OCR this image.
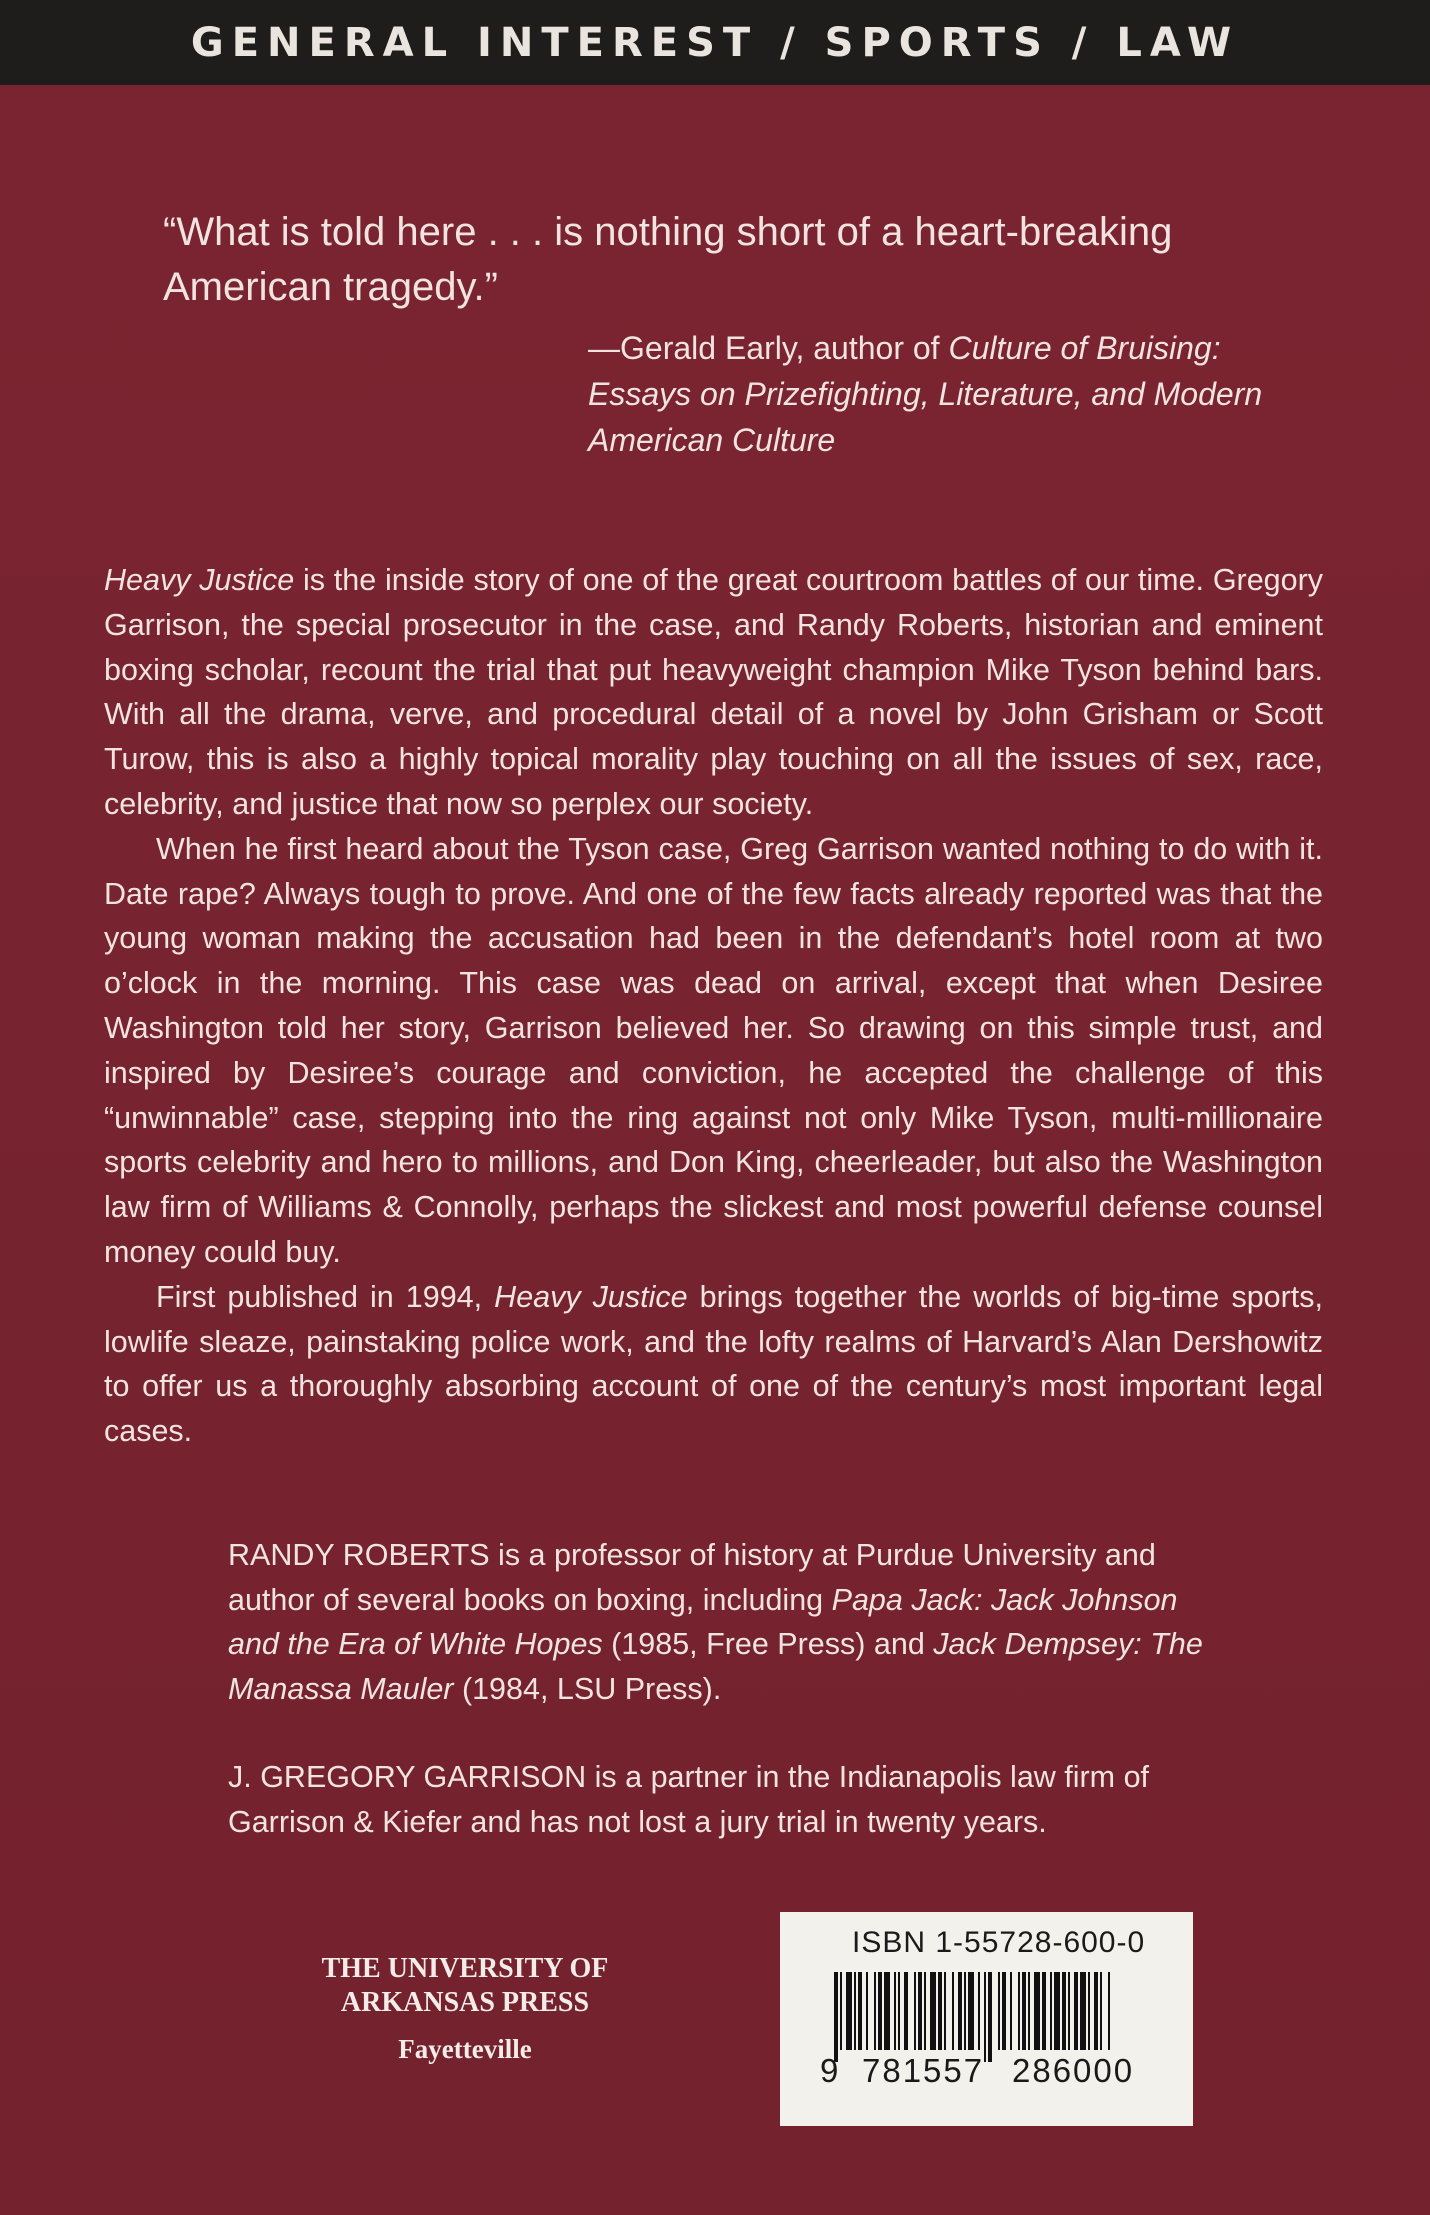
GENERAL INTEREST / SPORTS / LAW
“What is told here . . . is nothing short of a heart-breaking American tragedy.”
—Gerald Early, author of Culture of Bruising: Essays on Prizefighting, Literature, and Modern American Culture

Heavy Justice is the inside story of one of the great courtroom battles of our time. Gregory Garrison, the special prosecutor in the case, and Randy Roberts, historian and eminent boxing scholar, recount the trial that put heavyweight champion Mike Tyson behind bars. With all the drama, verve, and procedural detail of a novel by John Grisham or Scott Turow, this is also a highly topical morality play touching on all the issues of sex, race, celebrity, and justice that now so perplex our society.

When he first heard about the Tyson case, Greg Garrison wanted nothing to do with it. Date rape? Always tough to prove. And one of the few facts already reported was that the young woman making the accusation had been in the defendant’s hotel room at two o’clock in the morning. This case was dead on arrival, except that when Desiree Washington told her story, Garrison believed her. So drawing on this simple trust, and inspired by Desiree’s courage and conviction, he accepted the challenge of this “unwinnable” case, stepping into the ring against not only Mike Tyson, multi-millionaire sports celebrity and hero to millions, and Don King, cheerleader, but also the Washington law firm of Williams & Connolly, perhaps the slickest and most powerful defense counsel money could buy.

First published in 1994, Heavy Justice brings together the worlds of big-time sports, lowlife sleaze, painstaking police work, and the lofty realms of Harvard’s Alan Dershowitz to offer us a thoroughly absorbing account of one of the century’s most important legal cases.

RANDY ROBERTS is a professor of history at Purdue University and author of several books on boxing, including Papa Jack: Jack Johnson and the Era of White Hopes (1985, Free Press) and Jack Dempsey: The Manassa Mauler (1984, LSU Press).

J. GREGORY GARRISON is a partner in the Indianapolis law firm of Garrison & Kiefer and has not lost a jury trial in twenty years.

THE UNIVERSITY OF
ARKANSAS PRESS
Fayetteville
ISBN 1-55728-600-0
9 781557 286000
